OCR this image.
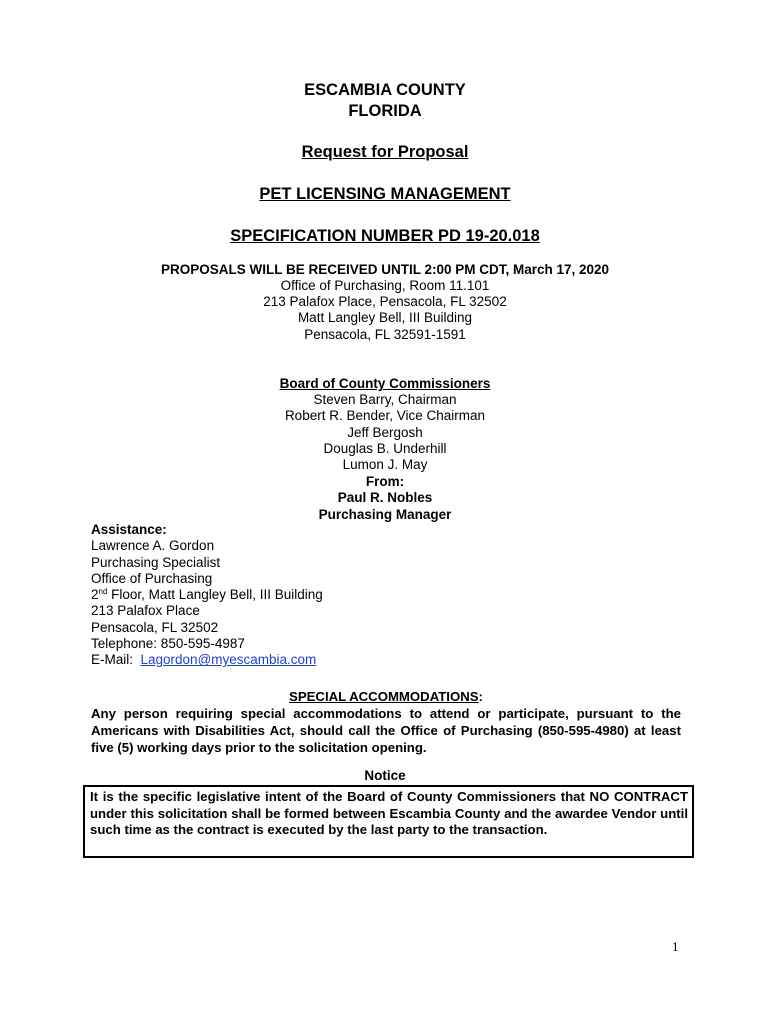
ESCAMBIA COUNTY
FLORIDA
Request for Proposal
PET LICENSING MANAGEMENT
SPECIFICATION NUMBER PD 19-20.018
PROPOSALS WILL BE RECEIVED UNTIL 2:00 PM CDT, March 17, 2020
Office of Purchasing, Room 11.101
213 Palafox Place, Pensacola, FL 32502
Matt Langley Bell, III Building
Pensacola, FL 32591-1591
Board of County Commissioners
Steven Barry, Chairman
Robert R. Bender, Vice Chairman
Jeff Bergosh
Douglas B. Underhill
Lumon J. May
From:
Paul R. Nobles
Purchasing Manager
Assistance:
Lawrence A. Gordon
Purchasing Specialist
Office of Purchasing
2nd Floor, Matt Langley Bell, III Building
213 Palafox Place
Pensacola, FL 32502
Telephone: 850-595-4987
E-Mail:  Lagordon@myescambia.com
SPECIAL ACCOMMODATIONS:
Any person requiring special accommodations to attend or participate, pursuant to the Americans with Disabilities Act, should call the Office of Purchasing (850-595-4980) at least five (5) working days prior to the solicitation opening.
Notice
It is the specific legislative intent of the Board of County Commissioners that NO CONTRACT under this solicitation shall be formed between Escambia County and the awardee Vendor until such time as the contract is executed by the last party to the transaction.
1
